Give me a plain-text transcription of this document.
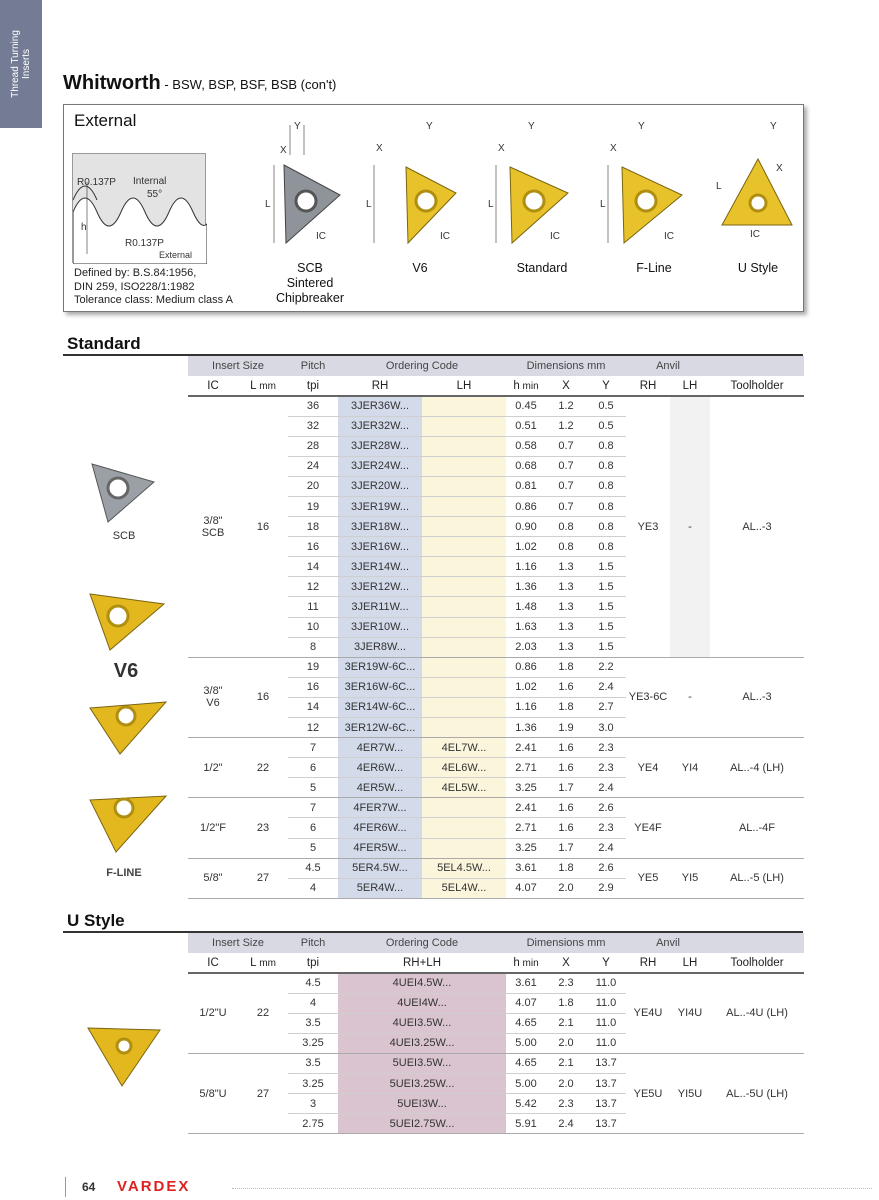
Thread Turning
Inserts
Whitworth - BSW, BSP, BSF, BSB (con't)
External
R0.137P Internal
55°
h
R0.137P
External
Defined by: B.S.84:1956,
DIN 259, ISO228/1:1982
Tolerance class: Medium class A
Y
X
L
IC
SCB
Sintered
Chipbreaker
L
X
Y
IC
V6
L
X
Y
IC
Standard
L
X
Y
IC
F-Line
Y
X
L
IC
U Style
Standard
SCB
V6
F-LINE
Insert Size		Pitch	Ordering Code		Dimensions mm			Anvil		
IC	L mm	tpi	RH	LH	h min	X	Y	RH	LH	Toolholder
3/8"
SCB	16	36	3JER36W...		0.45	1.2	0.5	YE3	-	AL..-3
		32	3JER32W...		0.51	1.2	0.5			
		28	3JER28W...		0.58	0.7	0.8			
		24	3JER24W...		0.68	0.7	0.8			
		20	3JER20W...		0.81	0.7	0.8			
		19	3JER19W...		0.86	0.7	0.8			
		18	3JER18W...		0.90	0.8	0.8			
		16	3JER16W...		1.02	0.8	0.8			
		14	3JER14W...		1.16	1.3	1.5			
		12	3JER12W...		1.36	1.3	1.5			
		11	3JER11W...		1.48	1.3	1.5			
		10	3JER10W...		1.63	1.3	1.5			
		8	3JER8W...		2.03	1.3	1.5			
3/8"
V6	16	19	3ER19W-6C...		0.86	1.8	2.2	YE3-6C	-	AL..-3
		16	3ER16W-6C...		1.02	1.6	2.4			
		14	3ER14W-6C...		1.16	1.8	2.7			
		12	3ER12W-6C...		1.36	1.9	3.0			
1/2"	22	7	4ER7W...	4EL7W...	2.41	1.6	2.3	YE4	YI4	AL..-4 (LH)
		6	4ER6W...	4EL6W...	2.71	1.6	2.3			
		5	4ER5W...	4EL5W...	3.25	1.7	2.4			
1/2"F	23	7	4FER7W...		2.41	1.6	2.6	YE4F		AL..-4F
		6	4FER6W...		2.71	1.6	2.3			
		5	4FER5W...		3.25	1.7	2.4			
5/8"	27	4.5	5ER4.5W...	5EL4.5W...	3.61	1.8	2.6	YE5	YI5	AL..-5 (LH)
		4	5ER4W...	5EL4W...	4.07	2.0	2.9			
U Style
Insert Size		Pitch	Ordering Code	Dimensions mm			Anvil		
IC	L mm	tpi	RH+LH	h min	X	Y	RH	LH	Toolholder
1/2"U	22	4.5	4UEI4.5W...	3.61	2.3	11.0	YE4U	YI4U	AL..-4U (LH)
		4	4UEI4W...	4.07	1.8	11.0			
		3.5	4UEI3.5W...	4.65	2.1	11.0			
		3.25	4UEI3.25W...	5.00	2.0	11.0			
5/8"U	27	3.5	5UEI3.5W...	4.65	2.1	13.7	YE5U	YI5U	AL..-5U (LH)
		3.25	5UEI3.25W...	5.00	2.0	13.7			
		3	5UEI3W...	5.42	2.3	13.7			
		2.75	5UEI2.75W...	5.91	2.4	13.7			
64 VARDEX
